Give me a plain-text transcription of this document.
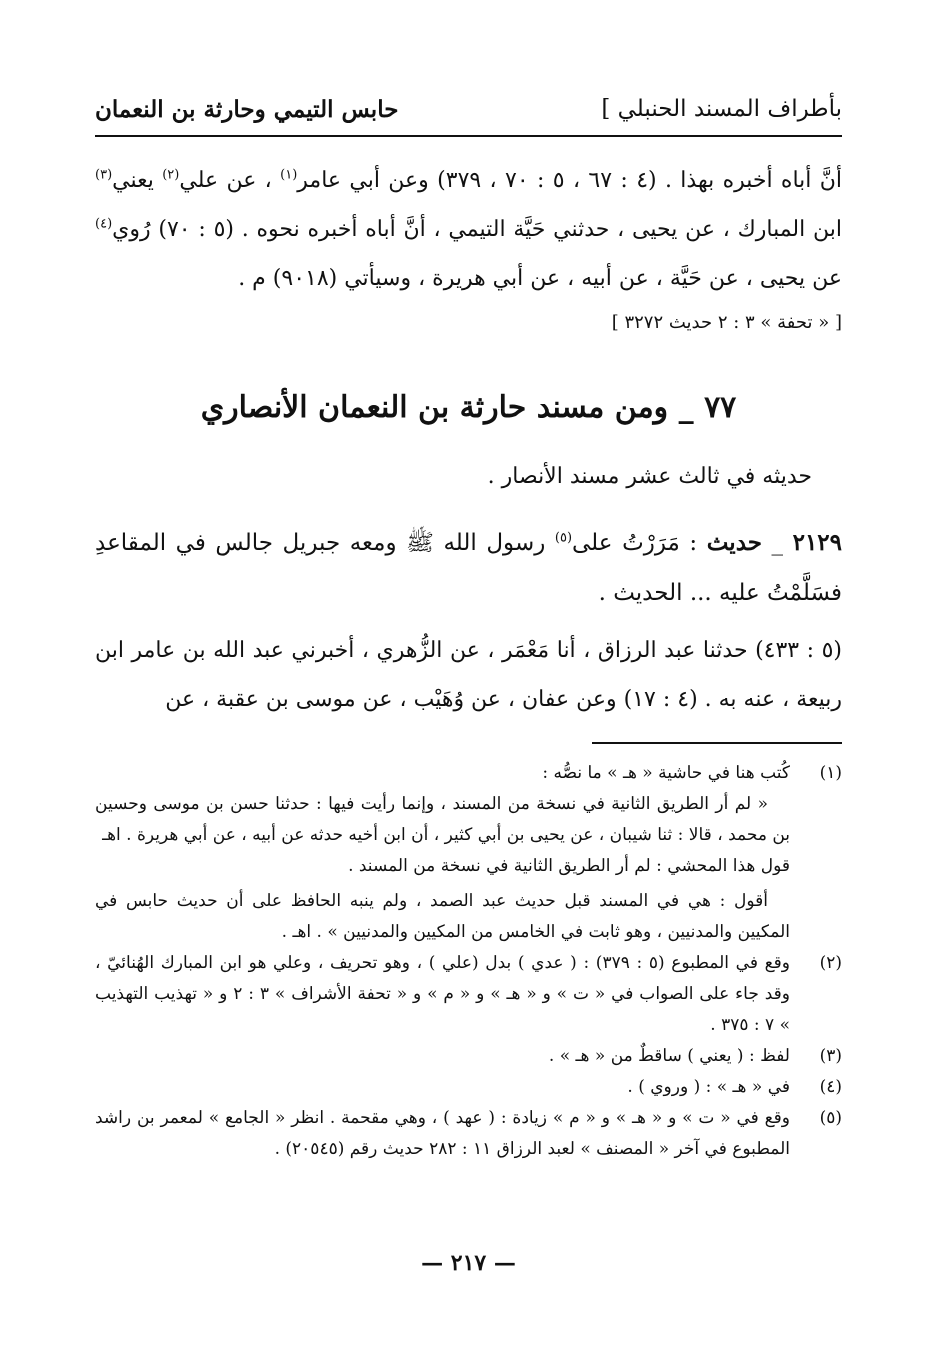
بأطراف المسند الحنبلي ]
حابس التيمي وحارثة بن النعمان

أنَّ أباه أخبره بهذا . (٤ : ٦٧ ، ٥ : ٧٠ ، ٣٧٩) وعن أبي عامر$^{(١)}$ ، عن علي$^{(٢)}$ يعني$^{(٣)}$ ابن المبارك ، عن يحيى ، حدثني حَيَّة التيمي ، أنَّ أباه أخبره نحوه . (٥ : ٧٠) رُوي$^{(٤)}$ عن يحيى ، عن حَيَّة ، عن أبيه ، عن أبي هريرة ، وسيأتي (٩٠١٨) م .

[ « تحفة » ٣ : ٢ حديث ٣٢٧٢ ]
٧٧ _ ومن مسند حارثة بن النعمان الأنصاري
حديثه في ثالث عشر مسند الأنصار .

٢١٢٩ _ حديث : مَرَرْتُ على$^{(٥)}$ رسول الله ﷺ ومعه جبريل جالس في المقاعدِ فسَلَّمْتُ عليه ... الحديث .

(٥ : ٤٣٣) حدثنا عبد الرزاق ، أنا مَعْمَر ، عن الزُّهري ، أخبرني عبد الله بن عامر ابن ربيعة ، عنه به . (٤ : ١٧) وعن عفان ، عن وُهَيْب ، عن موسى بن عقبة ، عن

(١)

كُتب هنا في حاشية « هـ » ما نصُّه :

« لم أر الطريق الثانية في نسخة من المسند ، وإنما رأيت فيها : حدثنا حسن بن موسى وحسين بن محمد ، قالا : ثنا شيبان ، عن يحيى بن أبي كثير ، أن ابن أخيه حدثه عن أبيه ، عن أبي هريرة . اهـ

قول هذا المحشي : لم أر الطريق الثانية في نسخة من المسند .

أقول : هي في المسند قبل حديث عبد الصمد ، ولم ينبه الحافظ على أن حديث حابس في المكيين والمدنيين ، وهو ثابت في الخامس من المكيين والمدنيين » . اهـ .

(٢)

وقع في المطبوع (٥ : ٣٧٩) : ( عدي ) بدل (علي ) ، وهو تحريف ، وعلي هو ابن المبارك الهُنائيّ ، وقد جاء على الصواب في « ت » و « هـ » و « م » و « تحفة الأشراف » ٣ : ٢ و « تهذيب التهذيب » ٧ : ٣٧٥ .

(٣)

لفظ : ( يعني ) ساقطٌ من « هـ » .

(٤)

في « هـ » : ( وروي ) .

(٥)

وقع في « ت » و « هـ » و « م » زيادة : ( عهد ) ، وهي مقحمة . انظر « الجامع » لمعمر بن راشد المطبوع في آخر « المصنف » لعبد الرزاق ١١ : ٢٨٢ حديث رقم (٢٠٥٤٥) .

— ٢١٧ —
